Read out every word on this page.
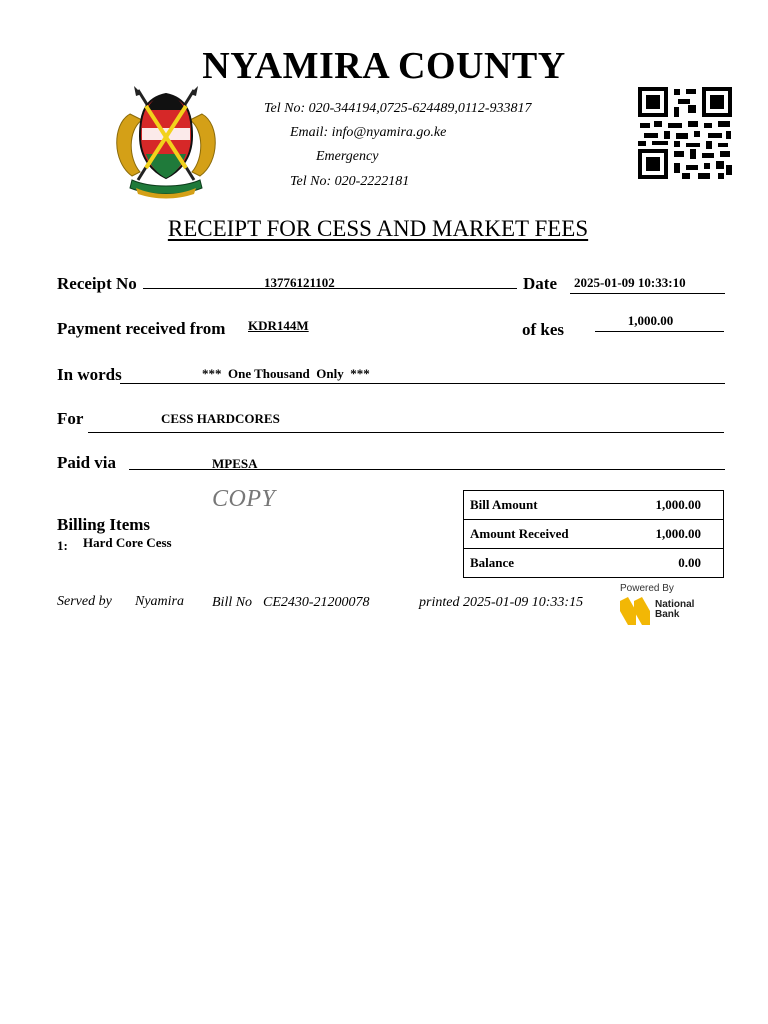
NYAMIRA COUNTY
Tel No: 020-344194,0725-624489,0112-933817
Email: info@nyamira.go.ke
Emergency
Tel No: 020-2222181
RECEIPT FOR CESS AND MARKET FEES
Receipt No	13776121102	Date 2025-01-09 10:33:10
Payment received from KDR144M	of kes	1,000.00
In words	***  One Thousand  Only  ***
For	CESS HARDCORES
Paid via	MPESA
COPY
Billing Items
1: Hard Core Cess
Bill Amount	1,000.00
Amount Received	1,000.00
Balance	0.00
Served by Nyamira Bill No CE2430-21200078	printed 2025-01-09 10:33:15
Powered By
National
Bank
